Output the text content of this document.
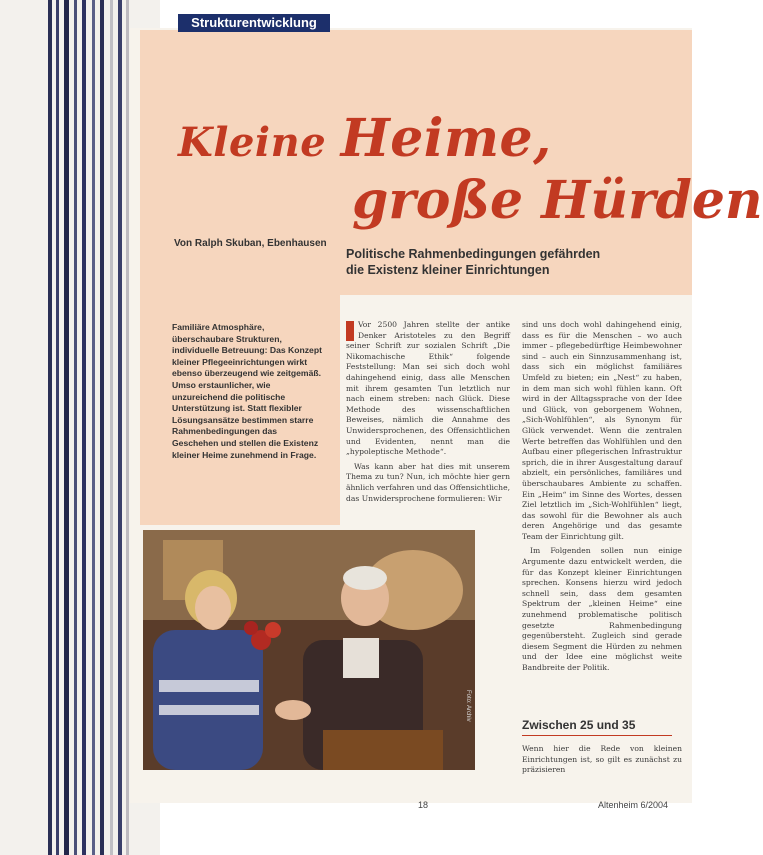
Strukturentwicklung
Kleine Heime,
große Hürden
Von Ralph Skuban, Ebenhausen
Politische Rahmenbedingungen gefährden
die Existenz kleiner Einrichtungen
Familiäre Atmosphäre, überschaubare Strukturen, individuelle Betreuung: Das Konzept kleiner Pflegeeinrichtungen wirkt ebenso überzeugend wie zeitgemäß. Umso erstaunlicher, wie unzureichend die politische Unterstützung ist. Statt flexibler Lösungsansätze bestimmen starre Rahmenbedingungen das Geschehen und stellen die Existenz kleiner Heime zunehmend in Frage.

Vor 2500 Jahren stellte der antike Denker Aristoteles zu den Begriff seiner Schrift zur sozialen Schrift „Die Nikomachische Ethik“ folgende Feststellung: Man sei sich doch wohl dahingehend einig, dass alle Menschen mit ihrem gesamten Tun letztlich nur nach einem streben: nach Glück. Diese Methode des wissenschaftlichen Beweises, nämlich die Annahme des Unwidersprochenen, des Offensichtlichen und Evidenten, nennt man die „hypoleptische Methode“.

Was kann aber hat dies mit unserem Thema zu tun? Nun, ich möchte hier gern ähnlich verfahren und das Offensichtliche, das Unwidersprochene formulieren: Wir

sind uns doch wohl dahingehend einig, dass es für die Menschen – wo auch immer – pflegebedürftige Heimbewohner sind – auch ein Sinnzusammenhang ist, dass sich ein möglichst familiäres Umfeld zu bieten; ein „Nest“ zu haben, in dem man sich wohl fühlen kann. Oft wird in der Alltagssprache von der Idee und Glück, von geborgenem Wohnen, „Sich-Wohlfühlen“, als Synonym für Glück verwendet. Wenn die zentralen Werte betreffen das Wohlfühlen und den Aufbau einer pflegerischen Infrastruktur sprich, die in ihrer Ausgestaltung darauf abzielt, ein persönliches, familiäres und überschaubares Ambiente zu schaffen. Ein „Heim“ im Sinne des Wortes, dessen Ziel letztlich im „Sich-Wohlfühlen“ liegt, das sowohl für die Bewohner als auch deren Angehörige und das gesamte Team der Einrichtung gilt.

Im Folgenden sollen nun einige Argumente dazu entwickelt werden, die für das Konzept kleiner Einrichtungen sprechen. Konsens hierzu wird jedoch schnell sein, dass dem gesamten Spektrum der „kleinen Heime“ eine zunehmend problematische politisch gesetzte Rahmenbedingung gegenübersteht. Zugleich sind gerade diesem Segment die Hürden zu nehmen und der Idee eine möglichst weite Bandbreite der Politik.

Foto: Archiv
Zwischen 25 und 35
Wenn hier die Rede von kleinen Einrichtungen ist, so gilt es zunächst zu präzisieren
18	Altenheim 6/2004
